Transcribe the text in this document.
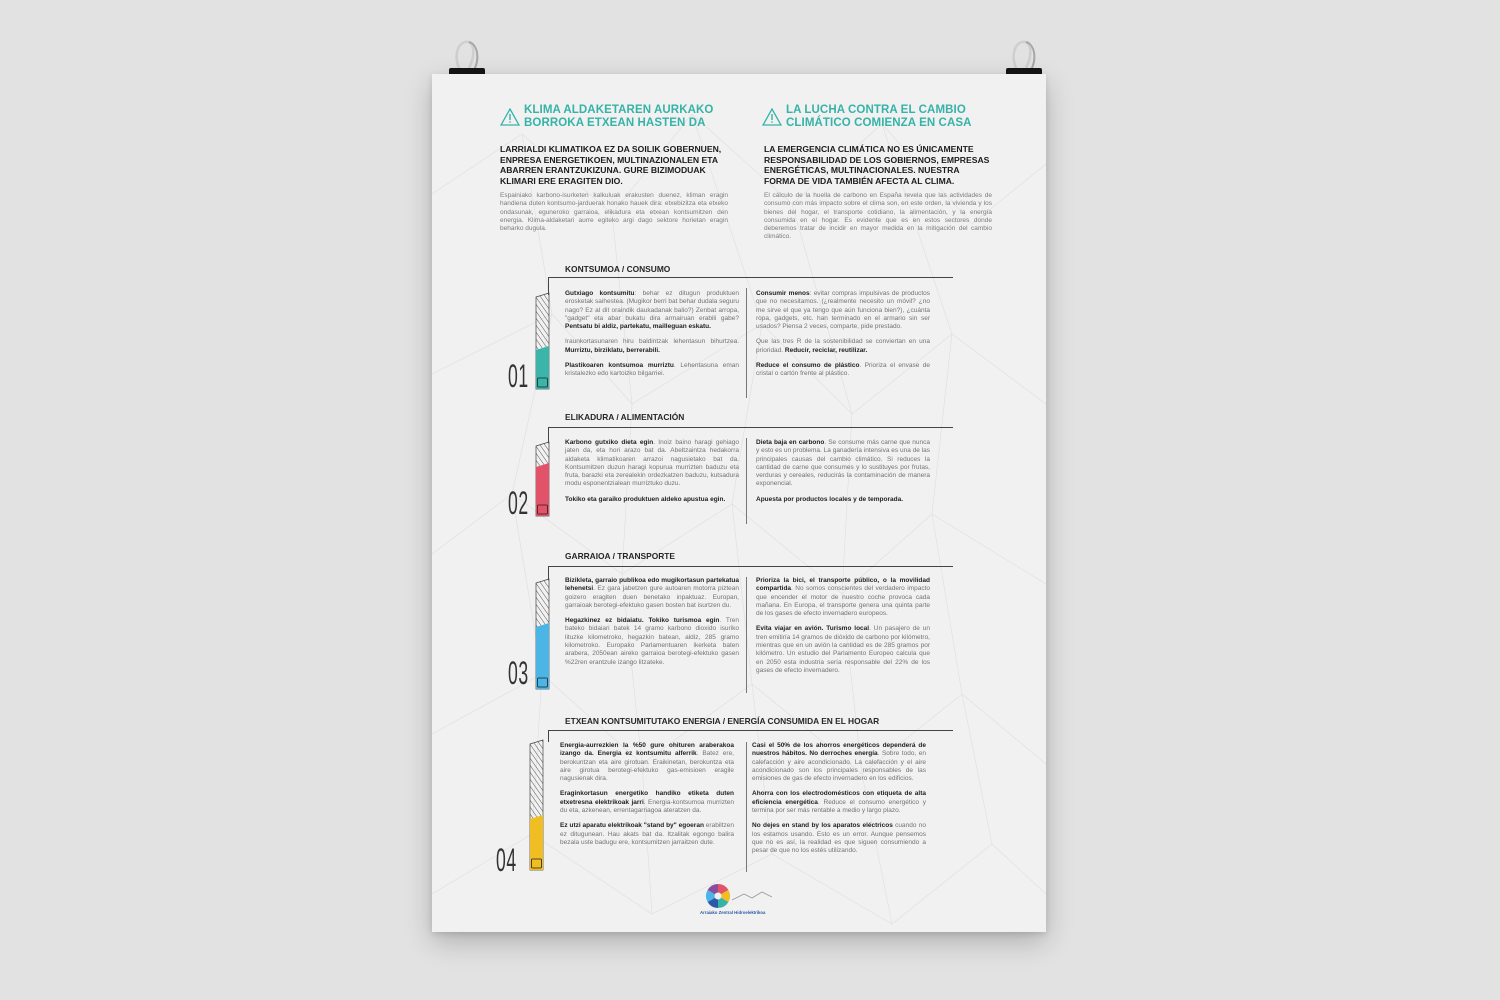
KLIMA ALDAKETAREN AURKAKO
BORROKA ETXEAN HASTEN DA
LARRIALDI KLIMATIKOA EZ DA SOILIK GOBERNUEN, ENPRESA ENERGETIKOEN, MULTINAZIONALEN ETA ABARREN ERANTZUKIZUNA. GURE BIZIMODUAK KLIMARI ERE ERAGITEN DIO.
Espainiako karbono-isurketen kalkuluak erakusten duenez, kliman eragin handiena duten kontsumo-jarduerak honako hauek dira: etxebizitza eta etxeko ondasunak, eguneroko garraioa, elikadura eta etxean kontsumitzen den energia. Klima-aldaketari aurre egiteko argi dago sektore horietan eragin beharko dugula.
LA LUCHA CONTRA EL CAMBIO
CLIMÁTICO COMIENZA EN CASA
LA EMERGENCIA CLIMÁTICA NO ES ÚNICAMENTE RESPONSABILIDAD DE LOS GOBIERNOS, EMPRESAS ENERGÉTICAS, MULTINACIONALES. NUESTRA FORMA DE VIDA TAMBIÉN AFECTA AL CLIMA.
El cálculo de la huella de carbono en España revela que las actividades de consumo con más impacto sobre el clima son, en este orden, la vivienda y los bienes del hogar, el transporte cotidiano, la alimentación, y la energía consumida en el hogar. Es evidente que es en estos sectores donde deberemos tratar de incidir en mayor medida en la mitigación del cambio climático.
KONTSUMOA / CONSUMO
01

Gutxiago kontsumitu: behar ez ditugun produktuen erosketak saihestea. (Mugikor berri bat behar dudala seguru nago? Ez al dit oraindik daukadanak balio?) Zenbat arropa, "gadget" eta abar bukatu dira armairuan erabili gabe? Pentsatu bi aldiz, partekatu, mailleguan eskatu.

Iraunkortasunaren hiru baldintzak lehentasun bihurtzea. Murriztu, birziklatu, berrerabili.

Plastikoaren kontsumoa murriztu. Lehentasuna eman kristalezko edo kartoizko bilgarriei.

Consumir menos: evitar compras impulsivas de productos que no necesitamos. (¿realmente necesito un móvil? ¿no me sirve el que ya tengo que aún funciona bien?), ¿cuánta ropa, gadgets, etc. han terminado en el armario sin ser usados? Piensa 2 veces, comparte, pide prestado.

Que las tres R de la sostenibilidad se conviertan en una prioridad. Reducir, reciclar, reutilizar.

Reduce el consumo de plástico. Prioriza el envase de cristal o cartón frente al plástico.

ELIKADURA / ALIMENTACIÓN
02

Karbono gutxiko dieta egin. Inoiz baino haragi gehiago jaten da, eta hori arazo bat da. Abeltzaintza hedakorra aldaketa klimatikoaren arrazoi nagusietako bat da. Kontsumitzen duzun haragi kopurua murrizten baduzu eta fruta, barazki eta zerealekin ordezkatzen baduzu, kutsadura modu esponentzialean murriztuko duzu.

Tokiko eta garaiko produktuen aldeko apustua egin.

Dieta baja en carbono. Se consume más carne que nunca y esto es un problema. La ganadería intensiva es una de las principales causas del cambio climático. Si reduces la cantidad de carne que consumes y lo sustituyes por frutas, verduras y cereales, reducirás la contaminación de manera exponencial.

Apuesta por productos locales y de temporada.

GARRAIOA / TRANSPORTE
03

Bizikleta, garraio publikoa edo mugikortasun partekatua lehenetsi. Ez gara jabetzen gure autoaren motorra piztean goizero eragiten duen benetako inpaktuaz. Europan, garraioak berotegi-efektuko gasen bosten bat isurtzen du.

Hegazkinez ez bidaiatu. Tokiko turismoa egin. Tren bateko bidaiari batek 14 gramo karbono dioxido isuriko lituzke kilometroko, hegazkin batean, aldiz, 285 gramo kilometroko. Europako Parlamentuaren ikerketa baten arabera, 2050ean aireko garraioa berotegi-efektuko gasen %22ren erantzule izango litzateke.

Prioriza la bici, el transporte público, o la movilidad compartida. No somos conscientes del verdadero impacto que encender el motor de nuestro coche provoca cada mañana. En Europa, el transporte genera una quinta parte de los gases de efecto invernadero europeos.

Evita viajar en avión. Turismo local. Un pasajero de un tren emitiría 14 gramos de dióxido de carbono por kilómetro, mientras que en un avión la cantidad es de 285 gramos por kilómetro. Un estudio del Parlamento Europeo calcula que en 2050 esta industria sería responsable del 22% de los gases de efecto invernadero.

ETXEAN KONTSUMITUTAKO ENERGIA / ENERGÍA CONSUMIDA EN EL HOGAR
04

Energia-aurrezkien la %50 gure ohituren araberakoa izango da. Energia ez kontsumitu alferrik. Batez ere, berokuntzan eta aire girotuan. Eraikinetan, berokuntza eta aire girotua berotegi-efektuko gas-emisioen eragile nagusienak dira.

Eraginkortasun energetiko handiko etiketa duten etxetresna elektrikoak jarri. Energia-kontsumoa murrizten du eta, azkenean, errentagarriagoa ateratzen da.

Ez utzi aparatu elektrikoak "stand by" egoeran erabiltzen ez ditugunean. Hau akats bat da. Itzalitak egongo balira bezala uste badugu ere, kontsumitzen jarraitzen dute.

Casi el 50% de los ahorros energéticos dependerá de nuestros hábitos. No derroches energía. Sobre todo, en calefacción y aire acondicionado. La calefacción y el aire acondicionado son los principales responsables de las emisiones de gas de efecto invernadero en los edificios.

Ahorra con los electrodomésticos con etiqueta de alta eficiencia energética. Reduce el consumo energético y termina por ser más rentable a medio y largo plazo.

No dejes en stand by los aparatos eléctricos cuando no los estamos usando. Esto es un error. Aunque pensemos que no es así, la realidad es que siguen consumiendo a pesar de que no los estés utilizando.

Arraiako Zentral Hidroelektrikoa
